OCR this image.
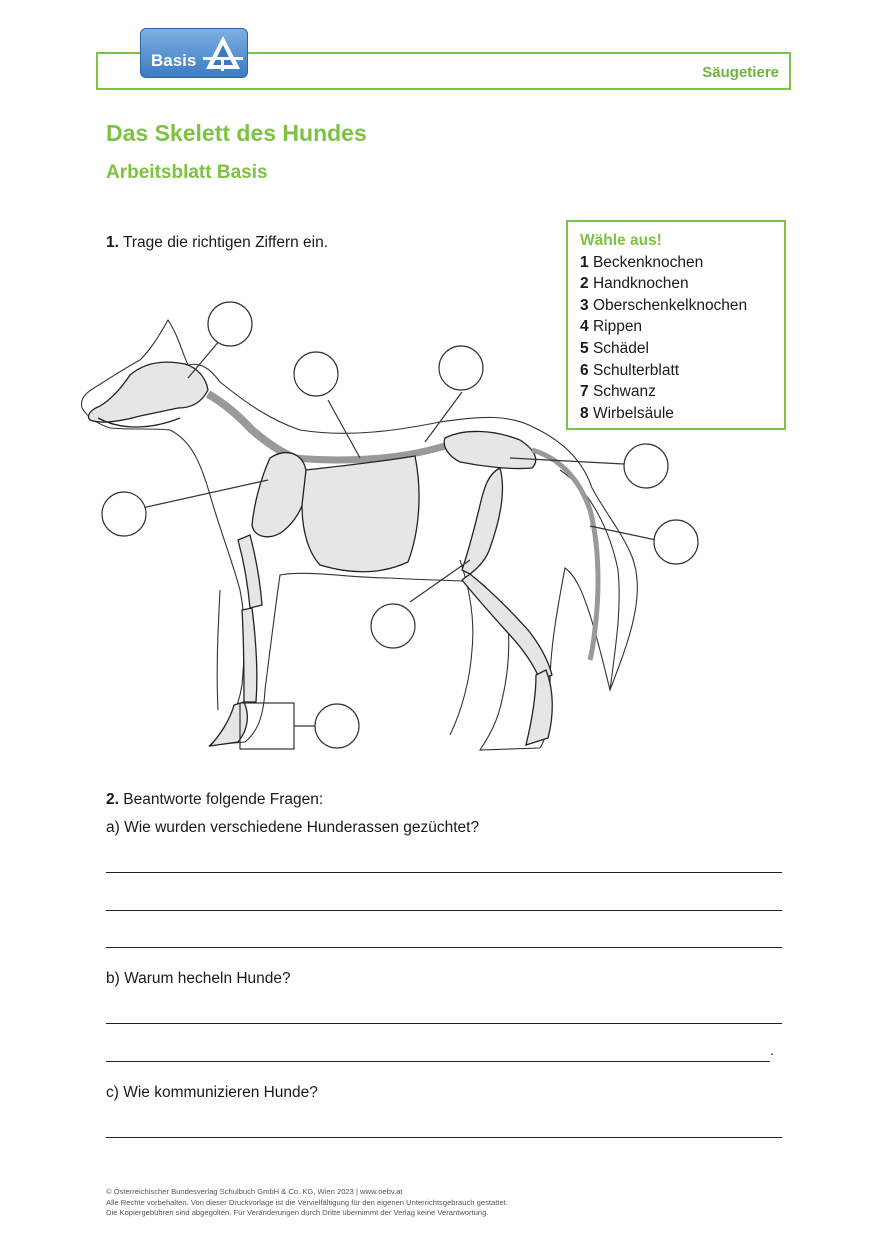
Säugetiere
Basis
Das Skelett des Hundes
Arbeitsblatt Basis
1. Trage die richtigen Ziffern ein.	Wähle aus!
1 Beckenknochen
2 Handknochen
3 Oberschenkelknochen
4 Rippen
5 Schädel
6 Schulterblatt
7 Schwanz
8 Wirbelsäule
2. Beantworte folgende Fragen:
a) Wie wurden verschiedene Hunderassen gezüchtet?
b) Warum hecheln Hunde?
.
c) Wie kommunizieren Hunde?
© Österreichischer Bundesverlag Schulbuch GmbH & Co. KG, Wien 2023 | www.oebv.at
Alle Rechte vorbehalten. Von dieser Druckvorlage ist die Vervielfältigung für den eigenen Unterrichtsgebrauch gestattet.
Die Kopiergebühren sind abgegolten. Für Veränderungen durch Dritte übernimmt der Verlag keine Verantwortung.
